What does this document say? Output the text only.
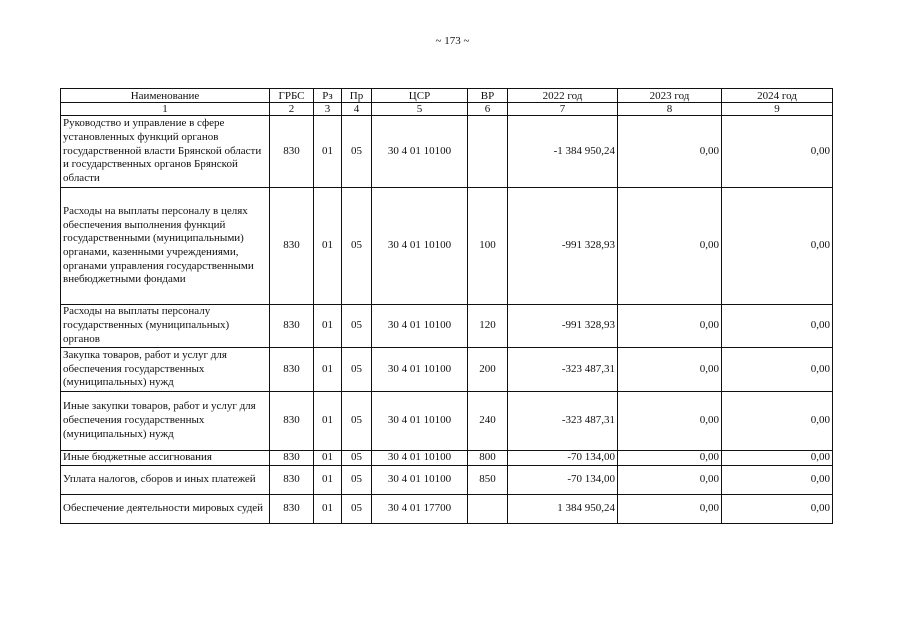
~ 173 ~
Наименование	ГРБС	Рз	Пр	ЦСР	ВР	2022 год	2023 год	2024 год
1	2	3	4	5	6	7	8	9
Руководство и управление в сфере установленных функций органов государственной власти Брянской области и государственных органов Брянской области	830	01	05	30 4 01 10100		-1 384 950,24	0,00	0,00
Расходы на выплаты персоналу в целях обеспечения выполнения функций государственными (муниципальными) органами, казенными учреждениями, органами управления государственными внебюджетными фондами	830	01	05	30 4 01 10100	100	-991 328,93	0,00	0,00
Расходы на выплаты персоналу государственных (муниципальных) органов	830	01	05	30 4 01 10100	120	-991 328,93	0,00	0,00
Закупка товаров, работ и услуг для обеспечения государственных (муниципальных) нужд	830	01	05	30 4 01 10100	200	-323 487,31	0,00	0,00
Иные закупки товаров, работ и услуг для обеспечения государственных (муниципальных) нужд	830	01	05	30 4 01 10100	240	-323 487,31	0,00	0,00
Иные бюджетные ассигнования	830	01	05	30 4 01 10100	800	-70 134,00	0,00	0,00
Уплата налогов, сборов и иных платежей	830	01	05	30 4 01 10100	850	-70 134,00	0,00	0,00
Обеспечение деятельности мировых судей	830	01	05	30 4 01 17700		1 384 950,24	0,00	0,00
